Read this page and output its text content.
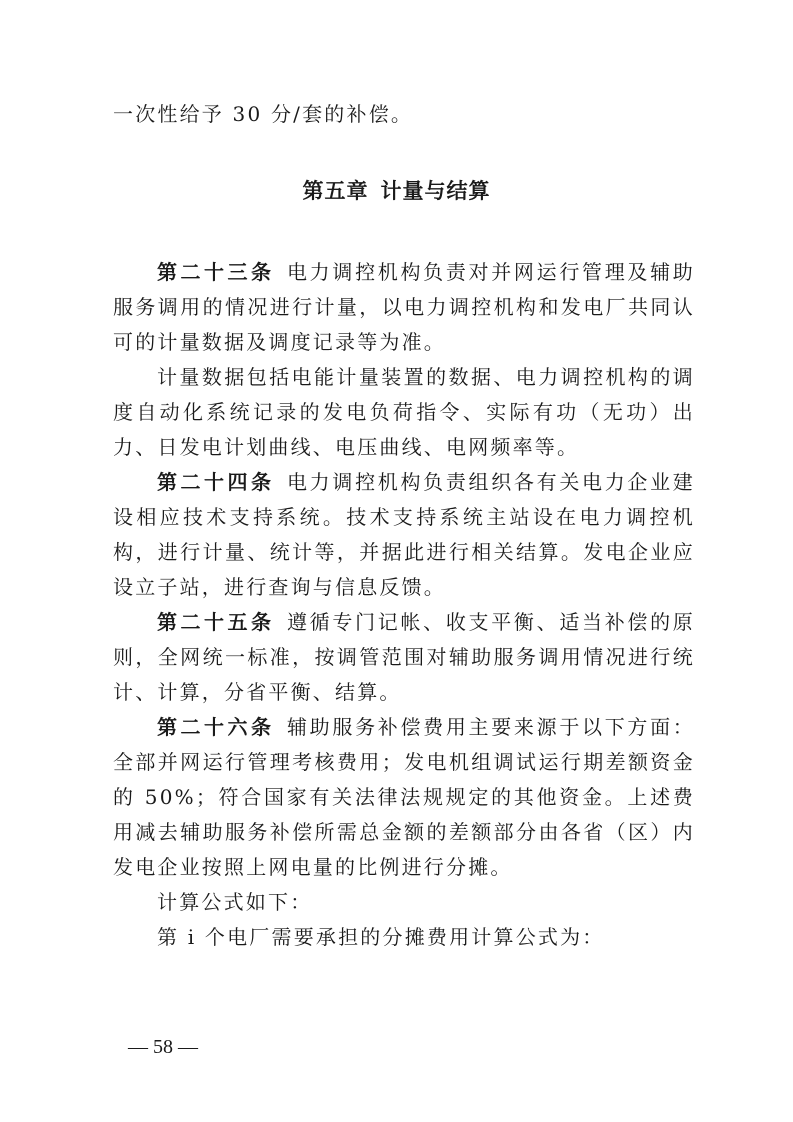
一次性给予 30 分/套的补偿。

第五章 计量与结算

第二十三条 电力调控机构负责对并网运行管理及辅助服务调用的情况进行计量，以电力调控机构和发电厂共同认可的计量数据及调度记录等为准。

计量数据包括电能计量装置的数据、电力调控机构的调度自动化系统记录的发电负荷指令、实际有功（无功）出力、日发电计划曲线、电压曲线、电网频率等。

第二十四条 电力调控机构负责组织各有关电力企业建设相应技术支持系统。技术支持系统主站设在电力调控机构，进行计量、统计等，并据此进行相关结算。发电企业应设立子站，进行查询与信息反馈。

第二十五条 遵循专门记帐、收支平衡、适当补偿的原则，全网统一标准，按调管范围对辅助服务调用情况进行统计、计算，分省平衡、结算。

第二十六条 辅助服务补偿费用主要来源于以下方面：全部并网运行管理考核费用；发电机组调试运行期差额资金的 50%；符合国家有关法律法规规定的其他资金。上述费用减去辅助服务补偿所需总金额的差额部分由各省（区）内发电企业按照上网电量的比例进行分摊。

计算公式如下：

第 i 个电厂需要承担的分摊费用计算公式为：

— 58 —
